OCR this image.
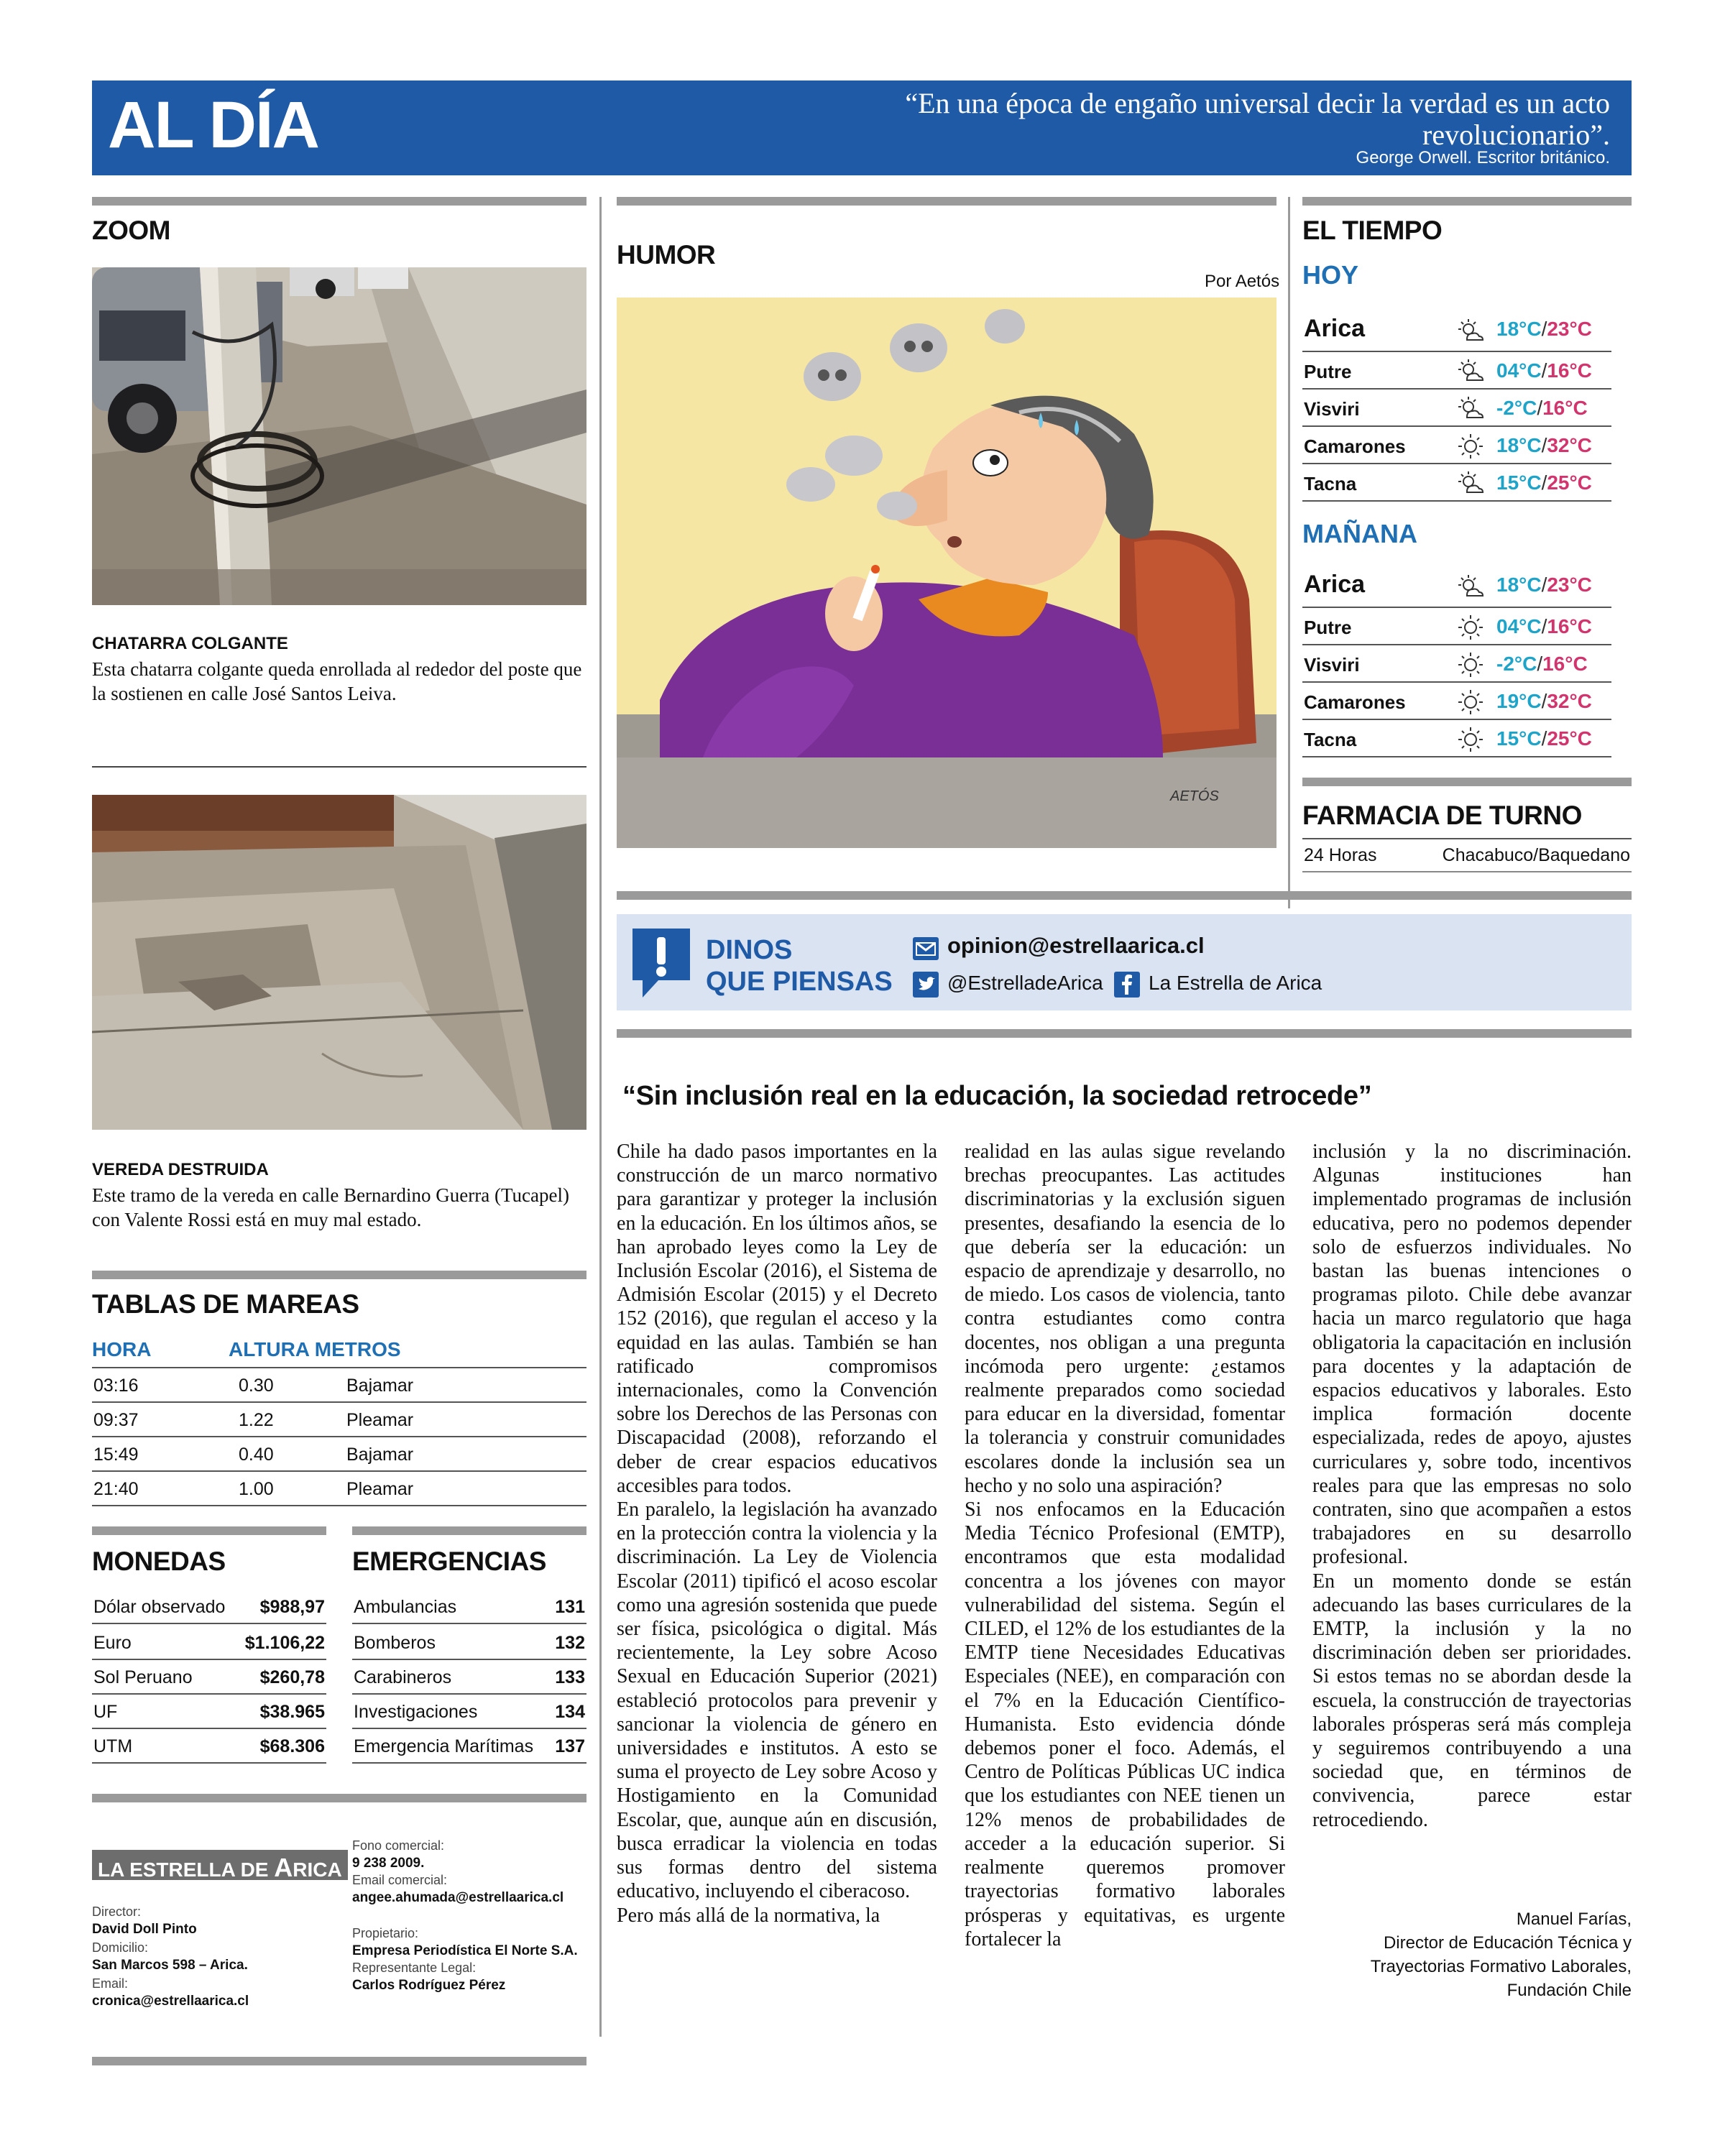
AL DÍA	“En una época de engaño universal decir la verdad es un acto revolucionario”.
George Orwell. Escritor británico.
ZOOM
CHATARRA COLGANTE
Esta chatarra colgante queda enrollada al rededor del poste que la sostienen en calle José Santos Leiva.
VEREDA DESTRUIDA
Este tramo de la vereda en calle Bernardino Guerra (Tucapel) con Valente Rossi está en muy mal estado.
TABLAS DE MAREAS
HORA	ALTURA METROS
03:16	0.30	Bajamar
09:37	1.22	Pleamar
15:49	0.40	Bajamar
21:40	1.00	Pleamar
MONEDAS
Dólar observado $988,97
Euro	$1.106,22
Sol Peruano	$260,78
UF	$38.965
UTM	$68.306
EMERGENCIAS
Ambulancias	131
Bomberos	132
Carabineros	133
Investigaciones	134
Emergencia Marítimas 137
LA ESTRELLA DE ARICA
Director:
David Doll Pinto
Domicilio:
San Marcos 598 – Arica.
Email:
cronica@estrellaarica.cl
Fono comercial:
9 238 2009.
Email comercial:
angee.ahumada@estrellaarica.cl
Propietario:
Empresa Periodística El Norte S.A.
Representante Legal:
Carlos Rodríguez Pérez
HUMOR
Por Aetós
AETÓS
EL TIEMPO
HOY
Arica	18°C/23°C
Putre	04°C/16°C
Visviri	-2°C/16°C
Camarones	18°C/32°C
Tacna	15°C/25°C
MAÑANA
Arica	18°C/23°C
Putre	04°C/16°C
Visviri	-2°C/16°C
Camarones	19°C/32°C
Tacna	15°C/25°C
FARMACIA DE TURNO
24 Horas	Chacabuco/Baquedano
DINOS
QUE PIENSAS
opinion@estrellaarica.cl
@EstrelladeArica La Estrella de Arica
“Sin inclusión real en la educación, la sociedad retrocede”

Chile ha dado pasos importantes en la construcción de un marco normativo para garantizar y proteger la inclusión en la educación. En los últimos años, se han aprobado leyes como la Ley de Inclusión Escolar (2016), el Sistema de Admisión Escolar (2015) y el Decreto 152 (2016), que regulan el acceso y la equidad en las aulas. También se han ratificado compromisos internacionales, como la Convención sobre los Derechos de las Personas con Discapacidad (2008), reforzando el deber de crear espacios educativos accesibles para todos.

En paralelo, la legislación ha avanzado en la protección contra la violencia y la discriminación. La Ley de Violencia Escolar (2011) tipificó el acoso escolar como una agresión sostenida que puede ser física, psicológica o digital. Más recientemente, la Ley sobre Acoso Sexual en Educación Superior (2021) estableció protocolos para prevenir y sancionar la violencia de género en universidades e institutos. A esto se suma el proyecto de Ley sobre Acoso y Hostigamiento en la Comunidad Escolar, que, aunque aún en discusión, busca erradicar la violencia en todas sus formas dentro del sistema educativo, incluyendo el ciberacoso.

Pero más allá de la normativa, la

realidad en las aulas sigue revelando brechas preocupantes. Las actitudes discriminatorias y la exclusión siguen presentes, desafiando la esencia de lo que debería ser la educación: un espacio de aprendizaje y desarrollo, no de miedo. Los casos de violencia, tanto contra estudiantes como contra docentes, nos obligan a una pregunta incómoda pero urgente: ¿estamos realmente preparados como sociedad para educar en la diversidad, fomentar la tolerancia y construir comunidades escolares donde la inclusión sea un hecho y no solo una aspiración?

Si nos enfocamos en la Educación Media Técnico Profesional (EMTP), encontramos que esta modalidad concentra a los jóvenes con mayor vulnerabilidad del sistema. Según el CILED, el 12% de los estudiantes de la EMTP tiene Necesidades Educativas Especiales (NEE), en comparación con el 7% en la Educación Científico-Humanista. Esto evidencia dónde debemos poner el foco. Además, el Centro de Políticas Públicas UC indica que los estudiantes con NEE tienen un 12% menos de probabilidades de acceder a la educación superior. Si realmente queremos promover trayectorias formativo laborales prósperas y equitativas, es urgente fortalecer la

inclusión y la no discriminación. Algunas instituciones han implementado programas de inclusión educativa, pero no podemos depender solo de esfuerzos individuales. No bastan las buenas intenciones o programas piloto. Chile debe avanzar hacia un marco regulatorio que haga obligatoria la capacitación en inclusión para docentes y la adaptación de espacios educativos y laborales. Esto implica formación docente especializada, redes de apoyo, ajustes curriculares y, sobre todo, incentivos reales para que las empresas no solo contraten, sino que acompañen a estos trabajadores en su desarrollo profesional.

En un momento donde se están adecuando las bases curriculares de la EMTP, la inclusión y la no discriminación deben ser prioridades. Si estos temas no se abordan desde la escuela, la construcción de trayectorias laborales prósperas será más compleja y seguiremos contribuyendo a una sociedad que, en términos de convivencia, parece estar retrocediendo.

Manuel Farías,
Director de Educación Técnica y
Trayectorias Formativo Laborales,
Fundación Chile
